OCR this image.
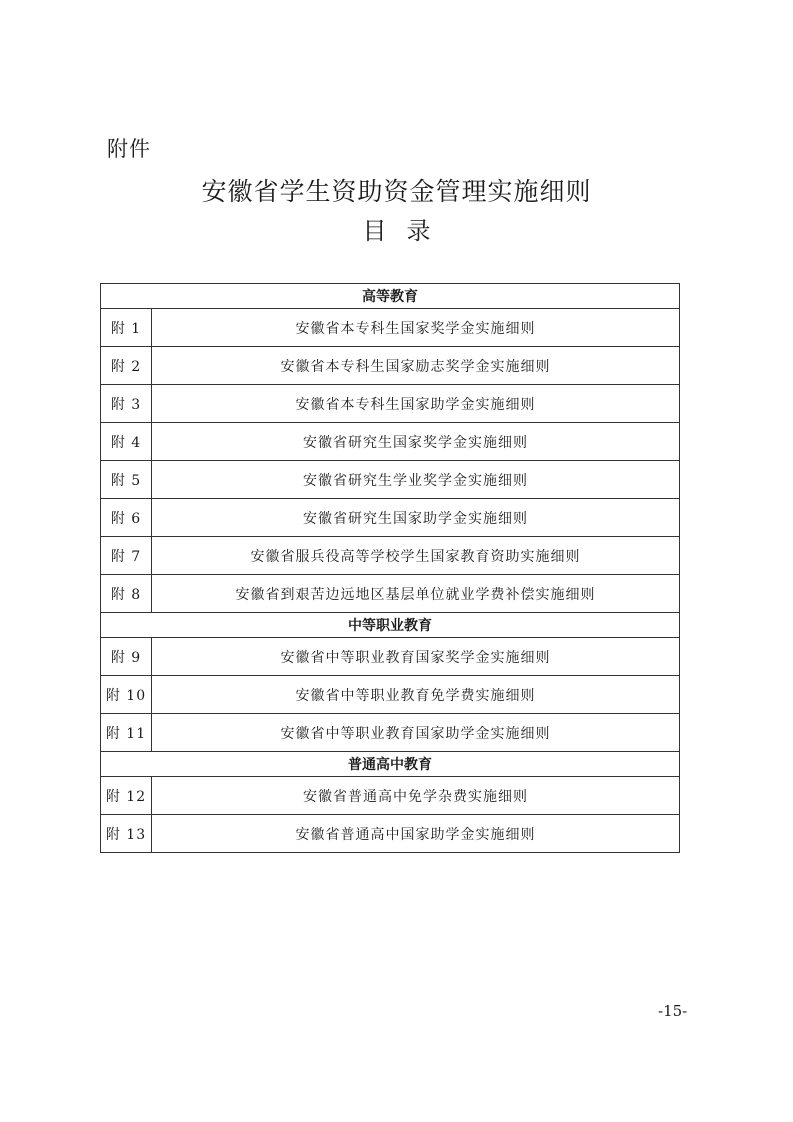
附件
安徽省学生资助资金管理实施细则
目录
高等教育	
附 1	安徽省本专科生国家奖学金实施细则
附 2	安徽省本专科生国家励志奖学金实施细则
附 3	安徽省本专科生国家助学金实施细则
附 4	安徽省研究生国家奖学金实施细则
附 5	安徽省研究生学业奖学金实施细则
附 6	安徽省研究生国家助学金实施细则
附 7	安徽省服兵役高等学校学生国家教育资助实施细则
附 8	安徽省到艰苦边远地区基层单位就业学费补偿实施细则
中等职业教育	
附 9	安徽省中等职业教育国家奖学金实施细则
附 10	安徽省中等职业教育免学费实施细则
附 11	安徽省中等职业教育国家助学金实施细则
普通高中教育	
附 12	安徽省普通高中免学杂费实施细则
附 13	安徽省普通高中国家助学金实施细则
-15-
